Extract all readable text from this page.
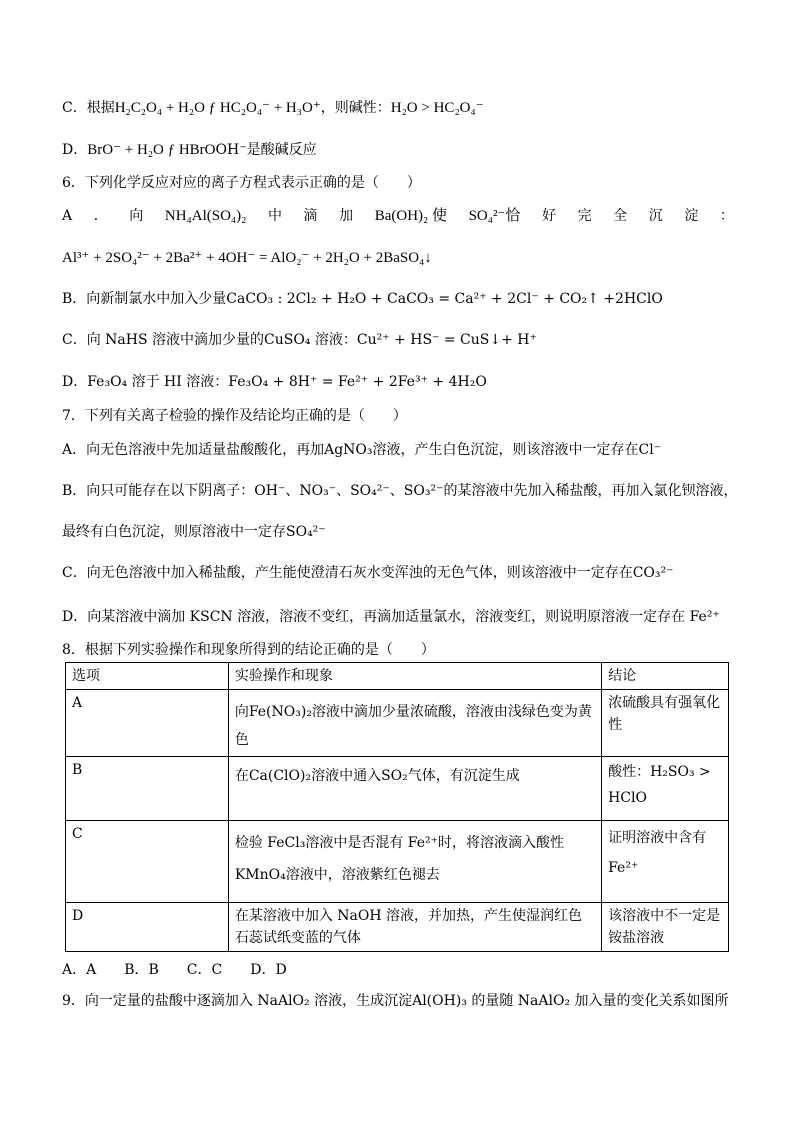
C．根据H₂C₂O₄ + H₂O ƒ HC₂O₄⁻ + H₃O⁺，则碱性：H₂O > HC₂O₄⁻
D．BrO⁻ + H₂O ƒ HBrOOH⁻是酸碱反应
6．下列化学反应对应的离子方程式表示正确的是（　　）
A ． 向 NH₄Al(SO₄)₂ 中 滴 加 Ba(OH)₂ 使 SO₄²⁻恰 好 完 全 沉 淀 ：
Al³⁺ + 2SO₄²⁻ + 2Ba²⁺ + 4OH⁻ = AlO₂⁻ + 2H₂O + 2BaSO₄↓
B．向新制氯水中加入少量CaCO₃ : 2Cl₂ + H₂O + CaCO₃ = Ca²⁺ + 2Cl⁻ + CO₂↑ +2HClO
C．向 NaHS 溶液中滴加少量的CuSO₄ 溶液：Cu²⁺ + HS⁻ = CuS↓+ H⁺
D．Fe₃O₄ 溶于 HI 溶液：Fe₃O₄ + 8H⁺ = Fe²⁺ + 2Fe³⁺ + 4H₂O
7．下列有关离子检验的操作及结论均正确的是（　　）
A．向无色溶液中先加适量盐酸酸化，再加AgNO₃溶液，产生白色沉淀，则该溶液中一定存在Cl⁻
B．向只可能存在以下阴离子：OH⁻、NO₃⁻、SO₄²⁻、SO₃²⁻的某溶液中先加入稀盐酸，再加入氯化钡溶液，
最终有白色沉淀，则原溶液中一定存SO₄²⁻
C．向无色溶液中加入稀盐酸，产生能使澄清石灰水变浑浊的无色气体，则该溶液中一定存在CO₃²⁻
D．向某溶液中滴加 KSCN 溶液，溶液不变红，再滴加适量氯水，溶液变红，则说明原溶液一定存在 Fe²⁺
8．根据下列实验操作和现象所得到的结论正确的是（　　）
选项	实验操作和现象	结论
A	向Fe(NO₃)₂溶液中滴加少量浓硫酸，溶液由浅绿色变为黄色	浓硫酸具有强氧化性
B	在Ca(ClO)₂溶液中通入SO₂气体，有沉淀生成	酸性：H₂SO₃ > HClO
C	检验 FeCl₃溶液中是否混有 Fe²⁺时，将溶液滴入酸性KMnO₄溶液中，溶液紫红色褪去	证明溶液中含有Fe²⁺
D	在某溶液中加入 NaOH 溶液，并加热，产生使湿润红色石蕊试纸变蓝的气体	该溶液中不一定是铵盐溶液
A．A　　B．B　　C．C　　D．D
9．向一定量的盐酸中逐滴加入 NaAlO₂ 溶液，生成沉淀Al(OH)₃ 的量随 NaAlO₂ 加入量的变化关系如图所
